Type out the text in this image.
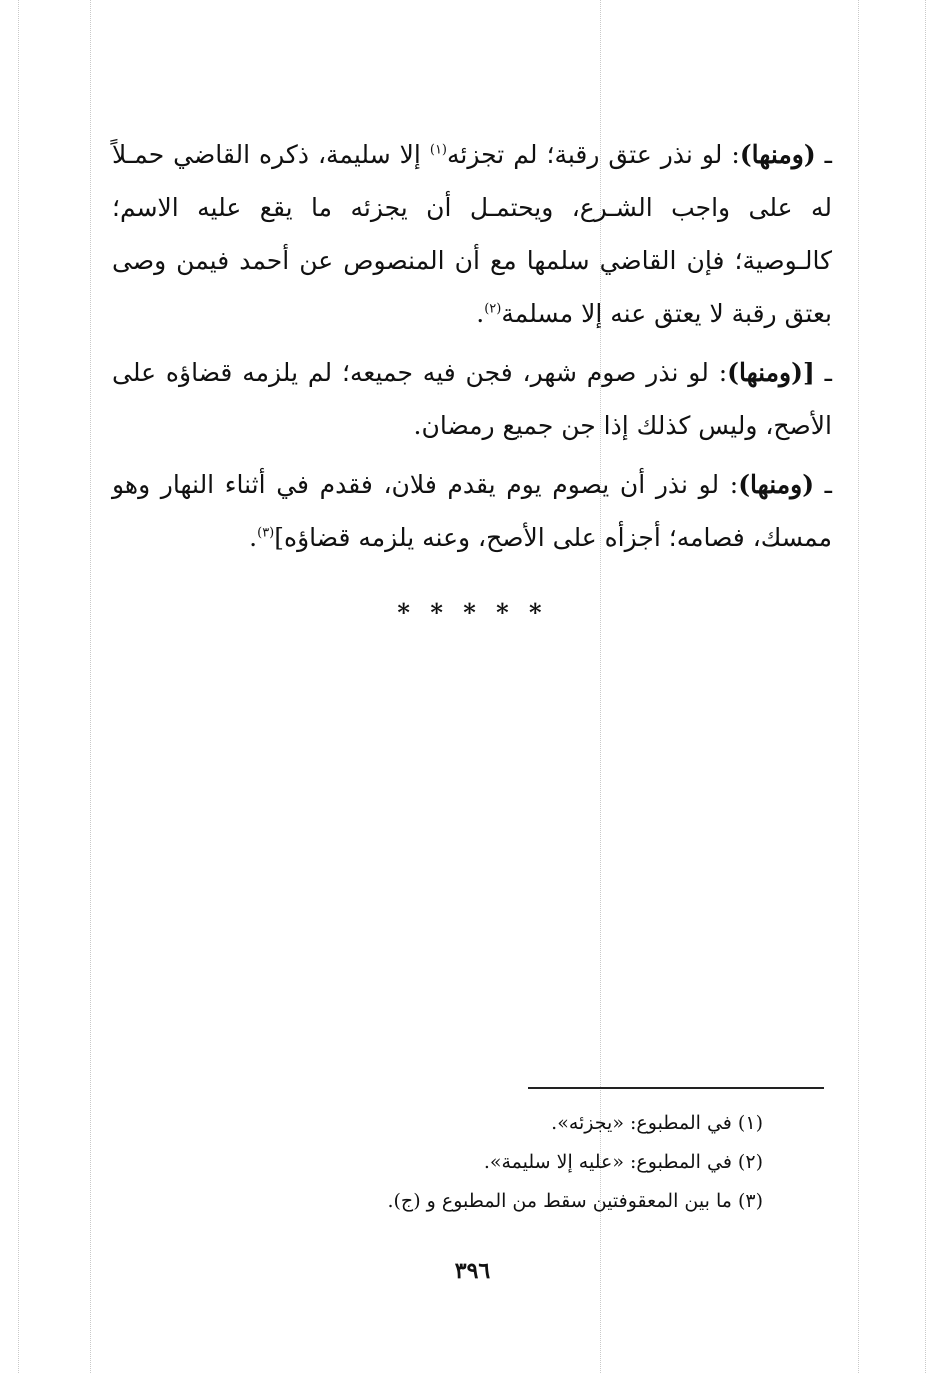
ـ (ومنها): لو نذر عتق رقبة؛ لم تجزئه$^{(١)}$ إلا سليمة، ذكره القاضي حمـلاً له على واجب الشـرع، ويحتمـل أن يجزئه ما يقع عليه الاسم؛ كالـوصية؛ فإن القاضي سلمها مع أن المنصوص عن أحمد فيمن وصى بعتق رقبة لا يعتق عنه إلا مسلمة$^{(٢)}$.

ـ [(ومنها): لو نذر صوم شهر، فجن فيه جميعه؛ لم يلزمه قضاؤه على الأصح، وليس كذلك إذا جن جميع رمضان.

ـ (ومنها): لو نذر أن يصوم يوم يقدم فلان، فقدم في أثناء النهار وهو ممسك، فصامه؛ أجزأه على الأصح، وعنه يلزمه قضاؤه]$^{(٣)}$.

* * * * *

(١) في المطبوع: «يجزئه».

(٢) في المطبوع: «عليه إلا سليمة».

(٣) ما بين المعقوفتين سقط من المطبوع و (ج).

٣٩٦
